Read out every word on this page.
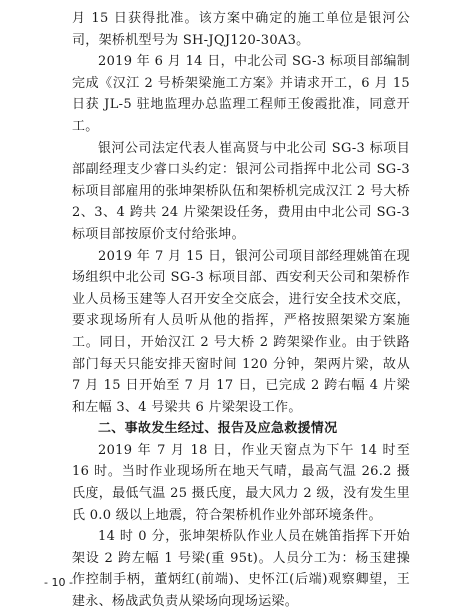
月 15 日获得批准。该方案中确定的施工单位是银河公司，架桥机型号为 SH-JQJ120-30A3。

2019 年 6 月 14 日，中北公司 SG-3 标项目部编制完成《汉江 2 号桥架梁施工方案》并请求开工，6 月 15 日获 JL-5 驻地监理办总监理工程师王俊霞批准，同意开工。

银河公司法定代表人崔高贤与中北公司 SG-3 标项目部副经理支少睿口头约定：银河公司指挥中北公司 SG-3 标项目部雇用的张坤架桥队伍和架桥机完成汉江 2 号大桥 2、3、4 跨共 24 片梁架设任务，费用由中北公司 SG-3 标项目部按原价支付给张坤。

2019 年 7 月 15 日，银河公司项目部经理姚笛在现场组织中北公司 SG-3 标项目部、西安利天公司和架桥作业人员杨玉建等人召开安全交底会，进行安全技术交底，要求现场所有人员听从他的指挥，严格按照架梁方案施工。同日，开始汉江 2 号大桥 2 跨架梁作业。由于铁路部门每天只能安排天窗时间 120 分钟，架两片梁，故从 7 月 15 日开始至 7 月 17 日，已完成 2 跨右幅 4 片梁和左幅 3、4 号梁共 6 片梁架设工作。

二、事故发生经过、报告及应急救援情况

2019 年 7 月 18 日，作业天窗点为下午 14 时至 16 时。当时作业现场所在地天气晴，最高气温 26.2 摄氏度，最低气温 25 摄氏度，最大风力 2 级，没有发生里氏 0.0 级以上地震，符合架桥机作业外部环境条件。

14 时 0 分，张坤架桥队作业人员在姚笛指挥下开始架设 2 跨左幅 1 号梁(重 95t)。人员分工为：杨玉建操作控制手柄，董炳红(前端)、史怀江(后端)观察卿望，王建永、杨战武负责从梁场向现场运梁。

- 10 -
